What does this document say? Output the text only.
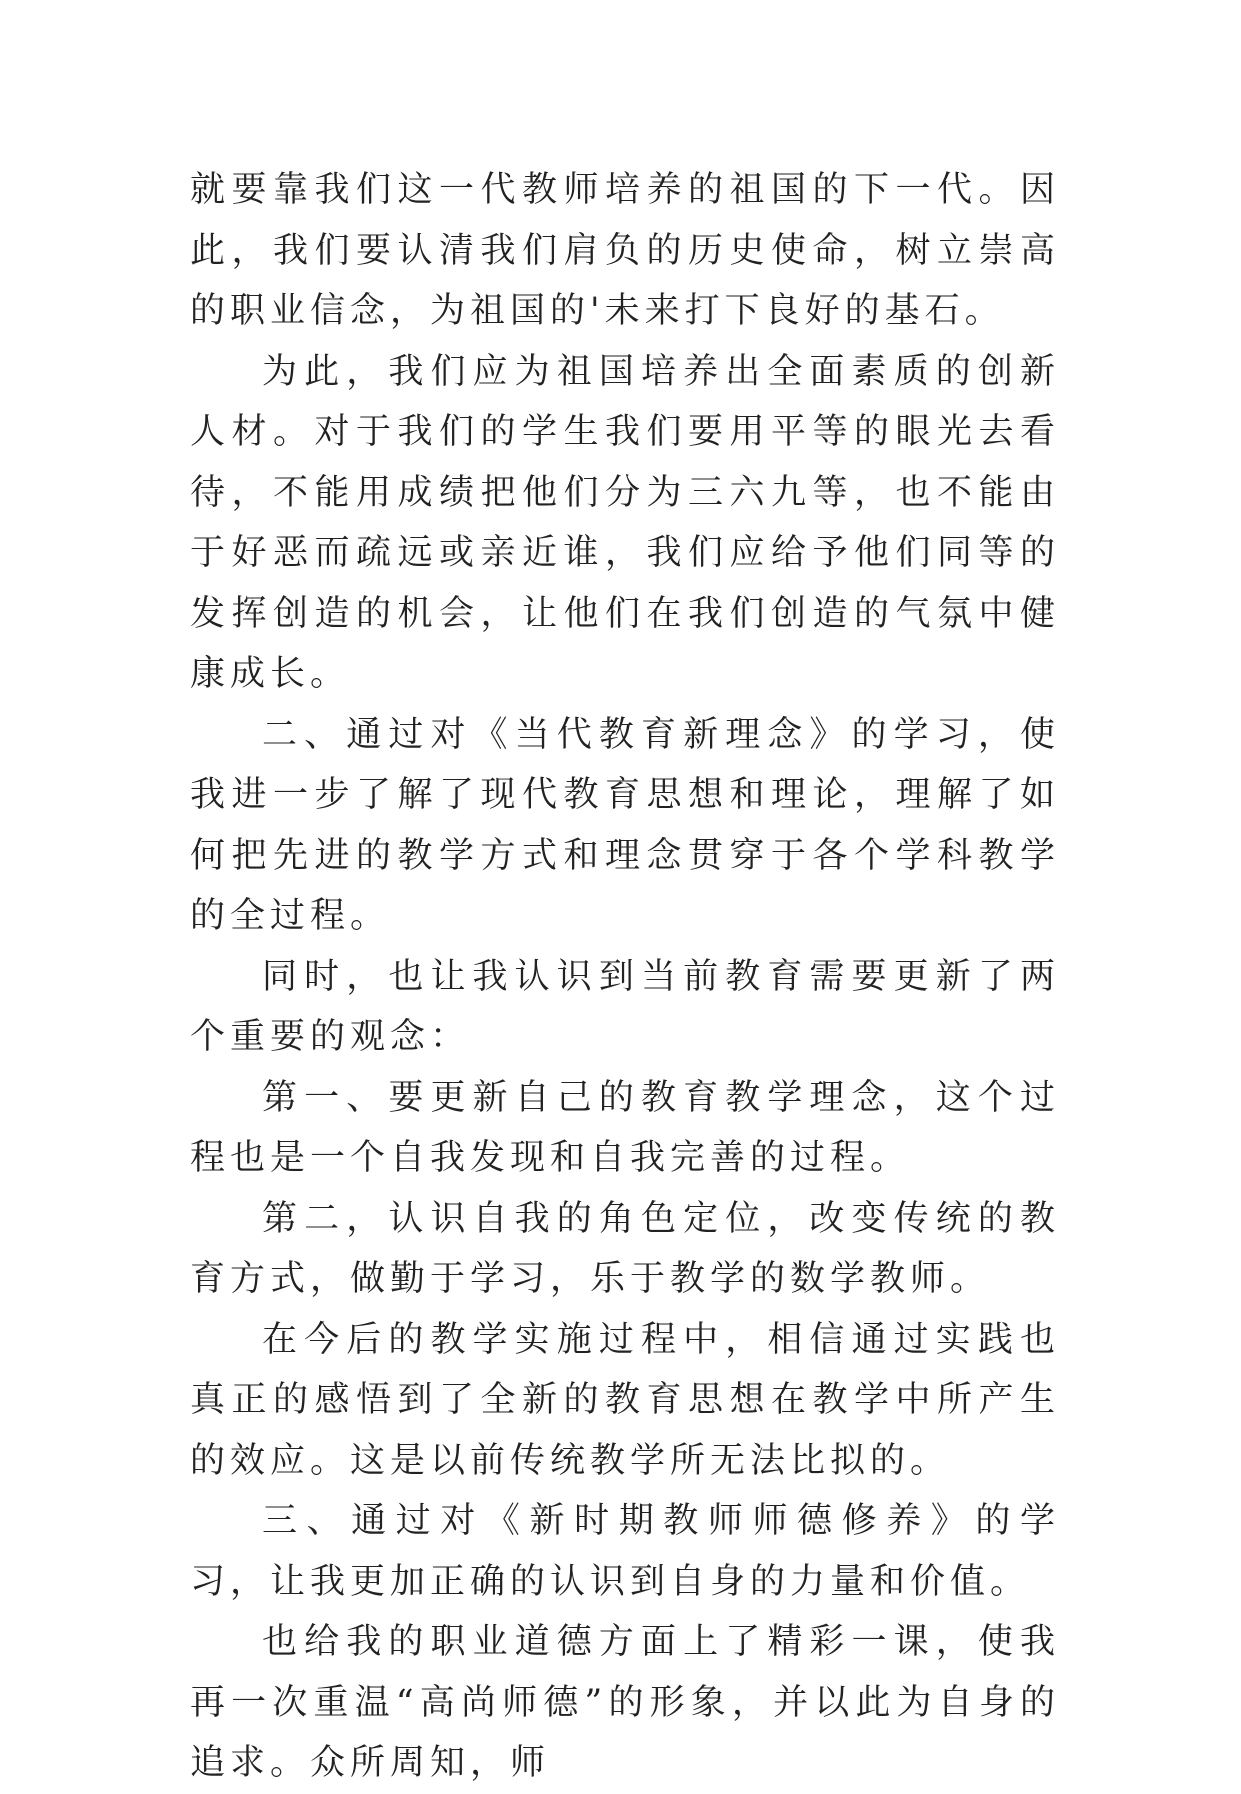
就要靠我们这一代教师培养的祖国的下一代。因此，我们要认清我们肩负的历史使命，树立崇高的职业信念，为祖国的'未来打下良好的基石。

为此，我们应为祖国培养出全面素质的创新人材。对于我们的学生我们要用平等的眼光去看待，不能用成绩把他们分为三六九等，也不能由于好恶而疏远或亲近谁，我们应给予他们同等的发挥创造的机会，让他们在我们创造的气氛中健康成长。

二、通过对《当代教育新理念》的学习，使我进一步了解了现代教育思想和理论，理解了如何把先进的教学方式和理念贯穿于各个学科教学的全过程。

同时，也让我认识到当前教育需要更新了两个重要的观念：

第一、要更新自己的教育教学理念，这个过程也是一个自我发现和自我完善的过程。

第二，认识自我的角色定位，改变传统的教育方式，做勤于学习，乐于教学的数学教师。

在今后的教学实施过程中，相信通过实践也真正的感悟到了全新的教育思想在教学中所产生的效应。这是以前传统教学所无法比拟的。

三、通过对《新时期教师师德修养》的学习，让我更加正确的认识到自身的力量和价值。

也给我的职业道德方面上了精彩一课，使我再一次重温“高尚师德”的形象，并以此为自身的追求。众所周知，师
